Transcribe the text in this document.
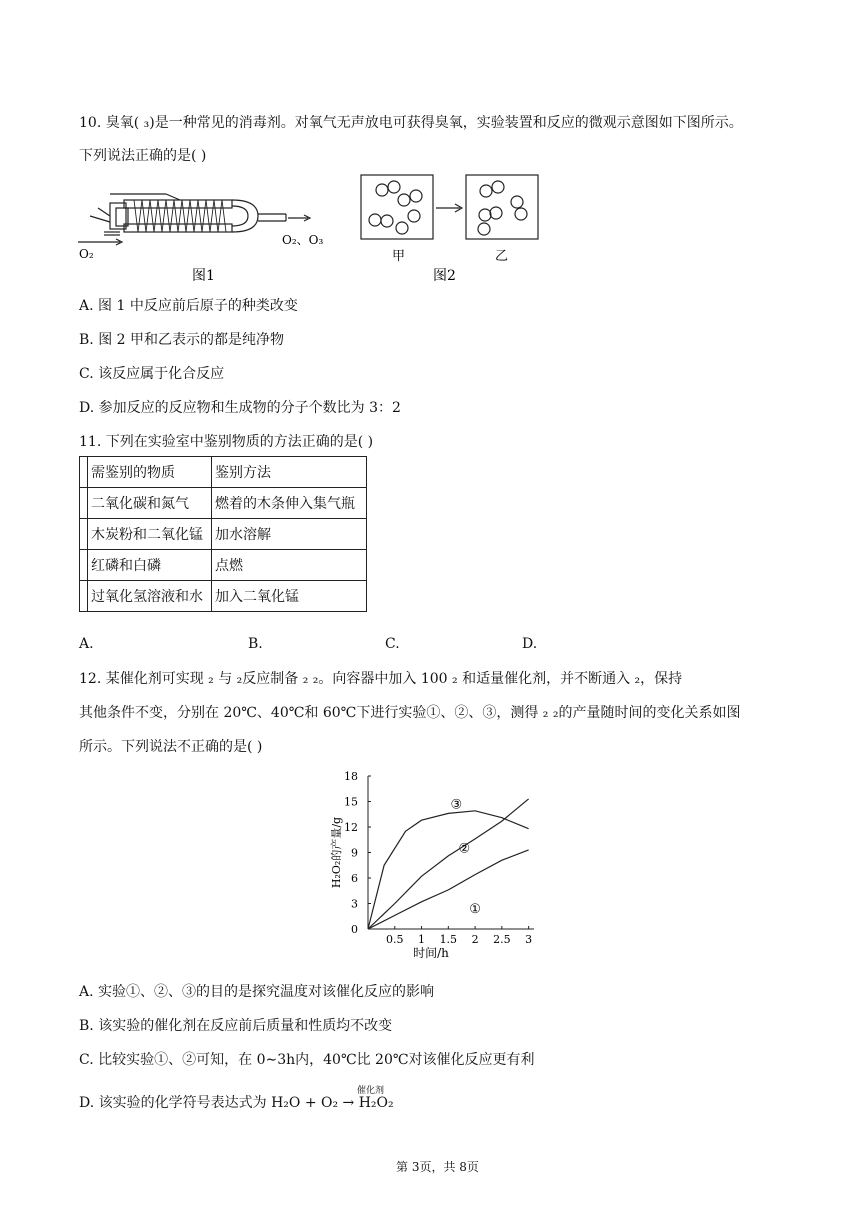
10. 臭氧( ₃)是一种常见的消毒剂。对氧气无声放电可获得臭氧，实验装置和反应的微观示意图如下图所示。
下列说法正确的是( )
O₂
O₂、O₃
图1
甲	乙
图2
A. 图 1 中反应前后原子的种类改变
B. 图 2 甲和乙表示的都是纯净物
C. 该反应属于化合反应
D. 参加反应的反应物和生成物的分子个数比为 3：2
11. 下列在实验室中鉴别物质的方法正确的是( )
	需鉴别的物质	鉴别方法
	二氧化碳和氮气	燃着的木条伸入集气瓶
	木炭粉和二氧化锰	加水溶解
	红磷和白磷	点燃
	过氧化氢溶液和水	加入二氧化锰
A.	B.	C.	D.
12. 某催化剂可实现 ₂ 与 ₂反应制备 ₂ ₂。向容器中加入 100 ₂ 和适量催化剂，并不断通入 ₂，保持
其他条件不变，分别在 20℃、40℃和 60℃下进行实验①、②、③，测得 ₂ ₂的产量随时间的变化关系如图
所示。下列说法不正确的是( )
0
3
6
9
12
15
18
0.5 1 1.5 2 2.5 3
时间/h
H₂O₂的产量/g
①
②
③
A. 实验①、②、③的目的是探究温度对该催化反应的影响
B. 该实验的催化剂在反应前后质量和性质均不改变
C. 比较实验①、②可知，在 0∼3h内，40℃比 20℃对该催化反应更有利
D. 该实验的化学符号表达式为 H₂O + O₂ → H₂O₂
催化剂
第 3页，共 8页
